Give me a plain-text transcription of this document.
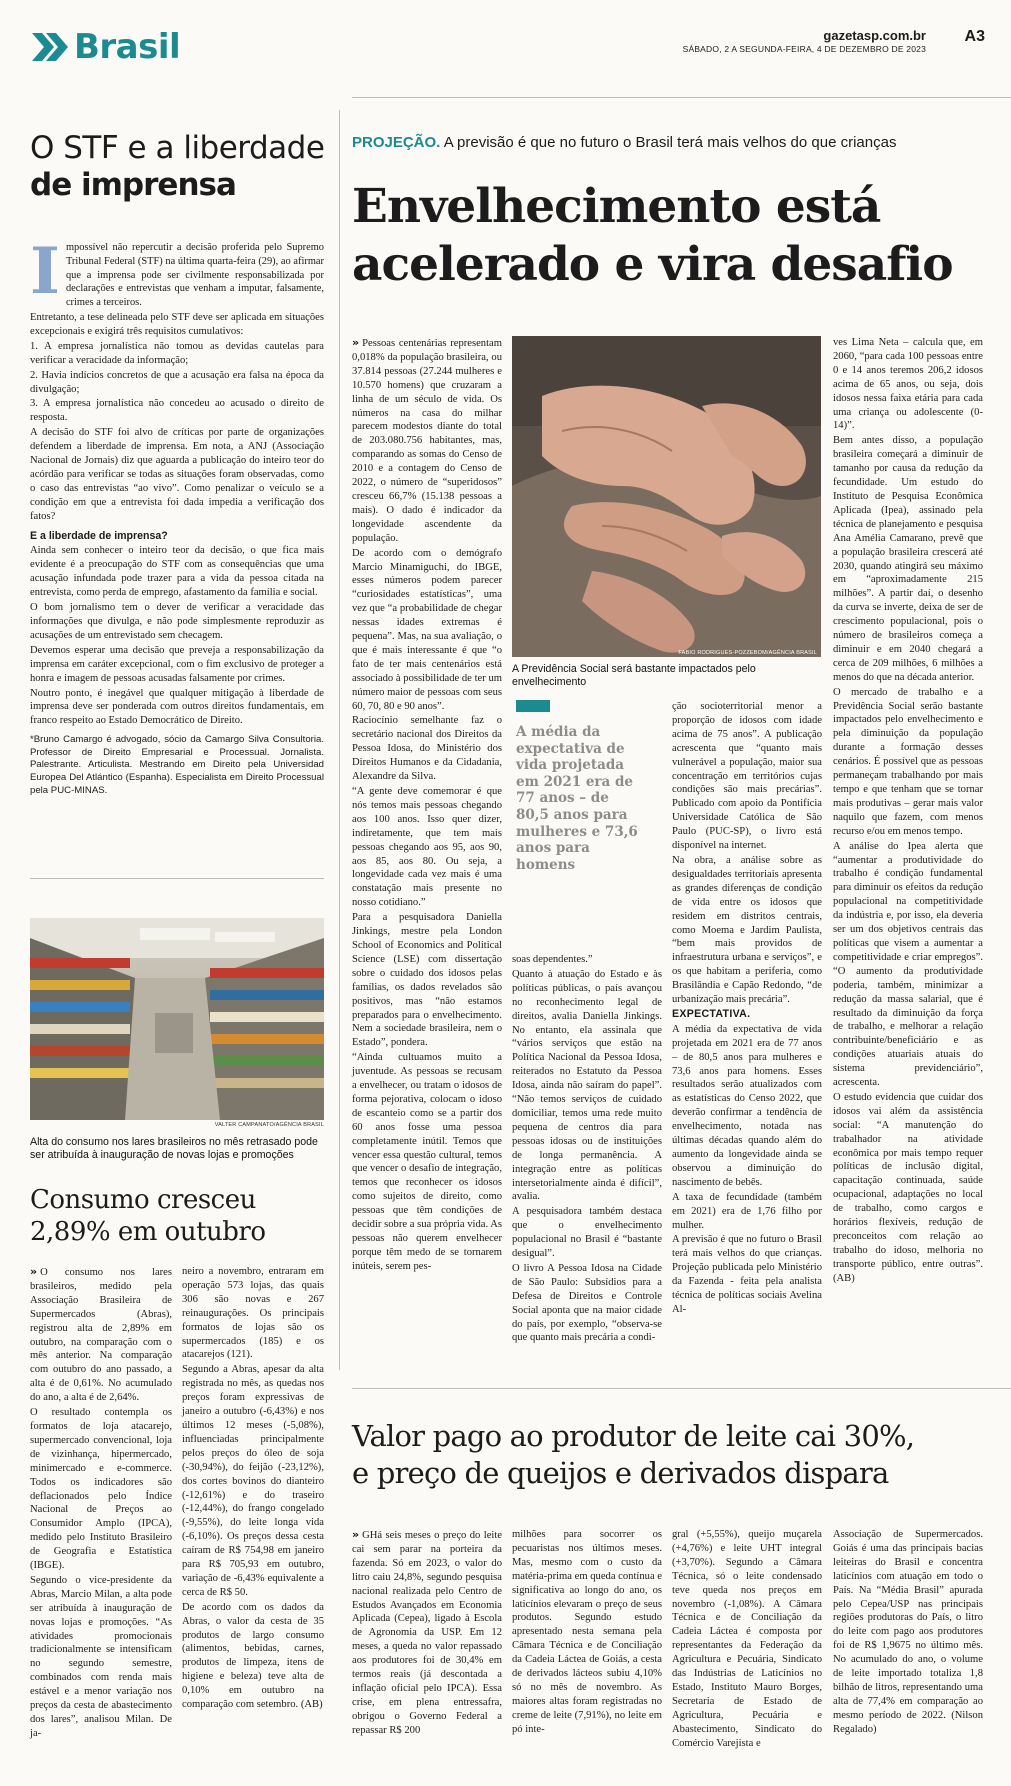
Brasil	gazetasp.com.br
SÁBADO, 2 A SEGUNDA-FEIRA, 4 DE DEZEMBRO DE 2023
A3
O STF e a liberdade
de imprensa
I mpossível não repercutir a decisão proferida pelo Supremo Tribunal Federal (STF) na última quarta-feira (29), ao afirmar que a imprensa pode ser civilmente responsabilizada por declarações e entrevistas que venham a imputar, falsamente, crimes a terceiros.

Entretanto, a tese delineada pelo STF deve ser aplicada em situações excepcionais e exigirá três requisitos cumulativos:

1. A empresa jornalística não tomou as devidas cautelas para verificar a veracidade da informação;

2. Havia indícios concretos de que a acusação era falsa na época da divulgação;

3. A empresa jornalística não concedeu ao acusado o direito de resposta.

A decisão do STF foi alvo de críticas por parte de organizações defendem a liberdade de imprensa. Em nota, a ANJ (Associação Nacional de Jornais) diz que aguarda a publicação do inteiro teor do acórdão para verificar se todas as situações foram observadas, como o caso das entrevistas “ao vivo”. Como penalizar o veículo se a condição em que a entrevista foi dada impedia a verificação dos fatos?

E a liberdade de imprensa?

Ainda sem conhecer o inteiro teor da decisão, o que fica mais evidente é a preocupação do STF com as consequências que uma acusação infundada pode trazer para a vida da pessoa citada na entrevista, como perda de emprego, afastamento da família e social.

O bom jornalismo tem o dever de verificar a veracidade das informações que divulga, e não pode simplesmente reproduzir as acusações de um entrevistado sem checagem.

Devemos esperar uma decisão que preveja a responsabilização da imprensa em caráter excepcional, com o fim exclusivo de proteger a honra e imagem de pessoas acusadas falsamente por crimes.

Noutro ponto, é inegável que qualquer mitigação à liberdade de imprensa deve ser ponderada com outros direitos fundamentais, em franco respeito ao Estado Democrático de Direito.

*Bruno Camargo é advogado, sócio da Camargo Silva Consultoria. Professor de Direito Empresarial e Processual. Jornalista. Palestrante. Articulista. Mestrando em Direito pela Universidad Europea Del Atlántico (Espanha). Especialista em Direito Processual pela PUC-MINAS.

VALTER CAMPANATO/AGÊNCIA BRASIL
Alta do consumo nos lares brasileiros no mês retrasado pode ser atribuída à inauguração de novas lojas e promoções
Consumo cresceu
2,89% em outubro

» O consumo nos lares brasileiros, medido pela Associação Brasileira de Supermercados (Abras), registrou alta de 2,89% em outubro, na comparação com o mês anterior. Na comparação com outubro do ano passado, a alta é de 0,61%. No acumulado do ano, a alta é de 2,64%.

O resultado contempla os formatos de loja atacarejo, supermercado convencional, loja de vizinhança, hipermercado, minimercado e e-commerce. Todos os indicadores são deflacionados pelo Índice Nacional de Preços ao Consumidor Amplo (IPCA), medido pelo Instituto Brasileiro de Geografia e Estatística (IBGE).

Segundo o vice-presidente da Abras, Marcio Milan, a alta pode ser atribuída à inauguração de novas lojas e promoções. “As atividades promocionais tradicionalmente se intensificam no segundo semestre, combinados com renda mais estável e a menor variação nos preços da cesta de abastecimento dos lares”, analisou Milan. De ja-

neiro a novembro, entraram em operação 573 lojas, das quais 306 são novas e 267 reinaugurações. Os principais formatos de lojas são os supermercados (185) e os atacarejos (121).

Segundo a Abras, apesar da alta registrada no mês, as quedas nos preços foram expressivas de janeiro a outubro (-6,43%) e nos últimos 12 meses (-5,08%), influenciadas principalmente pelos preços do óleo de soja (-30,94%), do feijão (-23,12%), dos cortes bovinos do dianteiro (-12,61%) e do traseiro (-12,44%), do frango congelado (-9,55%), do leite longa vida (-6,10%). Os preços dessa cesta caíram de R$ 754,98 em janeiro para R$ 705,93 em outubro, variação de -6,43% equivalente a cerca de R$ 50.

De acordo com os dados da Abras, o valor da cesta de 35 produtos de largo consumo (alimentos, bebidas, carnes, produtos de limpeza, itens de higiene e beleza) teve alta de 0,10% em outubro na comparação com setembro. (AB)

PROJEÇÃO. A previsão é que no futuro o Brasil terá mais velhos do que crianças
Envelhecimento está
acelerado e vira desafio
FABIO RODRIGUES-POZZEBOM/AGÊNCIA BRASIL
A Previdência Social será bastante impactados pelo envelhecimento
A média da expectativa de vida projetada em 2021 era de 77 anos – de 80,5 anos para mulheres e 73,6 anos para homens

» Pessoas centenárias representam 0,018% da população brasileira, ou 37.814 pessoas (27.244 mulheres e 10.570 homens) que cruzaram a linha de um século de vida. Os números na casa do milhar parecem modestos diante do total de 203.080.756 habitantes, mas, comparando as somas do Censo de 2010 e a contagem do Censo de 2022, o número de “superidosos” cresceu 66,7% (15.138 pessoas a mais). O dado é indicador da longevidade ascendente da população.

De acordo com o demógrafo Marcio Minamiguchi, do IBGE, esses números podem parecer “curiosidades estatísticas”, uma vez que “a probabilidade de chegar nessas idades extremas é pequena”. Mas, na sua avaliação, o que é mais interessante é que “o fato de ter mais centenários está associado à possibilidade de ter um número maior de pessoas com seus 60, 70, 80 e 90 anos”.

Raciocínio semelhante faz o secretário nacional dos Direitos da Pessoa Idosa, do Ministério dos Direitos Humanos e da Cidadania, Alexandre da Silva.

“A gente deve comemorar é que nós temos mais pessoas chegando aos 100 anos. Isso quer dizer, indiretamente, que tem mais pessoas chegando aos 95, aos 90, aos 85, aos 80. Ou seja, a longevidade cada vez mais é uma constatação mais presente no nosso cotidiano.”

Para a pesquisadora Daniella Jinkings, mestre pela London School of Economics and Political Science (LSE) com dissertação sobre o cuidado dos idosos pelas famílias, os dados revelados são positivos, mas “não estamos preparados para o envelhecimento. Nem a sociedade brasileira, nem o Estado”, pondera.

“Ainda cultuamos muito a juventude. As pessoas se recusam a envelhecer, ou tratam o idosos de forma pejorativa, colocam o idoso de escanteio como se a partir dos 60 anos fosse uma pessoa completamente inútil. Temos que vencer essa questão cultural, temos que vencer o desafio de integração, temos que reconhecer os idosos como sujeitos de direito, como pessoas que têm condições de decidir sobre a sua própria vida. As pessoas não querem envelhecer porque têm medo de se tornarem inúteis, serem pes-

soas dependentes.”

Quanto à atuação do Estado e às políticas públicas, o país avançou no reconhecimento legal de direitos, avalia Daniella Jinkings. No entanto, ela assinala que “vários serviços que estão na Política Nacional da Pessoa Idosa, reiterados no Estatuto da Pessoa Idosa, ainda não saíram do papel”. “Não temos serviços de cuidado domiciliar, temos uma rede muito pequena de centros dia para pessoas idosas ou de instituições de longa permanência. A integração entre as políticas intersetorialmente ainda é difícil”, avalia.

A pesquisadora também destaca que o envelhecimento populacional no Brasil é “bastante desigual”.

O livro A Pessoa Idosa na Cidade de São Paulo: Subsídios para a Defesa de Direitos e Controle Social aponta que na maior cidade do país, por exemplo, “observa-se que quanto mais precária a condi-

ção socioterritorial menor a proporção de idosos com idade acima de 75 anos”. A publicação acrescenta que “quanto mais vulnerável a população, maior sua concentração em territórios cujas condições são mais precárias”. Publicado com apoio da Pontifícia Universidade Católica de São Paulo (PUC-SP), o livro está disponível na internet.

Na obra, a análise sobre as desigualdades territoriais apresenta as grandes diferenças de condição de vida entre os idosos que residem em distritos centrais, como Moema e Jardim Paulista, “bem mais providos de infraestrutura urbana e serviços”, e os que habitam a periferia, como Brasilândia e Capão Redondo, “de urbanização mais precária”.

EXPECTATIVA.

A média da expectativa de vida projetada em 2021 era de 77 anos – de 80,5 anos para mulheres e 73,6 anos para homens. Esses resultados serão atualizados com as estatísticas do Censo 2022, que deverão confirmar a tendência de envelhecimento, notada nas últimas décadas quando além do aumento da longevidade ainda se observou a diminuição do nascimento de bebês.

A taxa de fecundidade (também em 2021) era de 1,76 filho por mulher.

A previsão é que no futuro o Brasil terá mais velhos do que crianças. Projeção publicada pelo Ministério da Fazenda - feita pela analista técnica de políticas sociais Avelina Al-

ves Lima Neta – calcula que, em 2060, “para cada 100 pessoas entre 0 e 14 anos teremos 206,2 idosos acima de 65 anos, ou seja, dois idosos nessa faixa etária para cada uma criança ou adolescente (0-14)”.

Bem antes disso, a população brasileira começará a diminuir de tamanho por causa da redução da fecundidade. Um estudo do Instituto de Pesquisa Econômica Aplicada (Ipea), assinado pela técnica de planejamento e pesquisa Ana Amélia Camarano, prevê que a população brasileira crescerá até 2030, quando atingirá seu máximo em “aproximadamente 215 milhões”. A partir daí, o desenho da curva se inverte, deixa de ser de crescimento populacional, pois o número de brasileiros começa a diminuir e em 2040 chegará a cerca de 209 milhões, 6 milhões a menos do que na década anterior.

O mercado de trabalho e a Previdência Social serão bastante impactados pelo envelhecimento e pela diminuição da população durante a formação desses cenários. É possível que as pessoas permaneçam trabalhando por mais tempo e que tenham que se tornar mais produtivas – gerar mais valor naquilo que fazem, com menos recurso e/ou em menos tempo.

A análise do Ipea alerta que “aumentar a produtividade do trabalho é condição fundamental para diminuir os efeitos da redução populacional na competitividade da indústria e, por isso, ela deveria ser um dos objetivos centrais das políticas que visem a aumentar a competitividade e criar empregos”. “O aumento da produtividade poderia, também, minimizar a redução da massa salarial, que é resultado da diminuição da força de trabalho, e melhorar a relação contribuinte/beneficiário e as condições atuariais atuais do sistema previdenciário”, acrescenta.

O estudo evidencia que cuidar dos idosos vai além da assistência social: “A manutenção do trabalhador na atividade econômica por mais tempo requer políticas de inclusão digital, capacitação continuada, saúde ocupacional, adaptações no local de trabalho, como cargos e horários flexíveis, redução de preconceitos com relação ao trabalho do idoso, melhoria no transporte público, entre outras”. (AB)

Valor pago ao produtor de leite cai 30%,
e preço de queijos e derivados dispara

» GHá seis meses o preço do leite cai sem parar na porteira da fazenda. Só em 2023, o valor do litro caiu 24,8%, segundo pesquisa nacional realizada pelo Centro de Estudos Avançados em Economia Aplicada (Cepea), ligado à Escola de Agronomia da USP. Em 12 meses, a queda no valor repassado aos produtores foi de 30,4% em termos reais (já descontada a inflação oficial pelo IPCA). Essa crise, em plena entressafra, obrigou o Governo Federal a repassar R$ 200

milhões para socorrer os pecuaristas nos últimos meses. Mas, mesmo com o custo da matéria-prima em queda contínua e significativa ao longo do ano, os laticínios elevaram o preço de seus produtos. Segundo estudo apresentado nesta semana pela Câmara Técnica e de Conciliação da Cadeia Láctea de Goiás, a cesta de derivados lácteos subiu 4,10% só no mês de novembro. As maiores altas foram registradas no creme de leite (7,91%), no leite em pó inte-

gral (+5,55%), queijo muçarela (+4,76%) e leite UHT integral (+3,70%). Segundo a Câmara Técnica, só o leite condensado teve queda nos preços em novembro (-1,08%). A Câmara Técnica e de Conciliação da Cadeia Láctea é composta por representantes da Federação da Agricultura e Pecuária, Sindicato das Indústrias de Laticínios no Estado, Instituto Mauro Borges, Secretaria de Estado de Agricultura, Pecuária e Abastecimento, Sindicato do Comércio Varejista e

Associação de Supermercados. Goiás é uma das principais bacias leiteiras do Brasil e concentra laticínios com atuação em todo o País. Na “Média Brasil” apurada pelo Cepea/USP nas principais regiões produtoras do País, o litro do leite com pago aos produtores foi de R$ 1,9675 no último mês. No acumulado do ano, o volume de leite importado totaliza 1,8 bilhão de litros, representando uma alta de 77,4% em comparação ao mesmo período de 2022. (Nilson Regalado)
